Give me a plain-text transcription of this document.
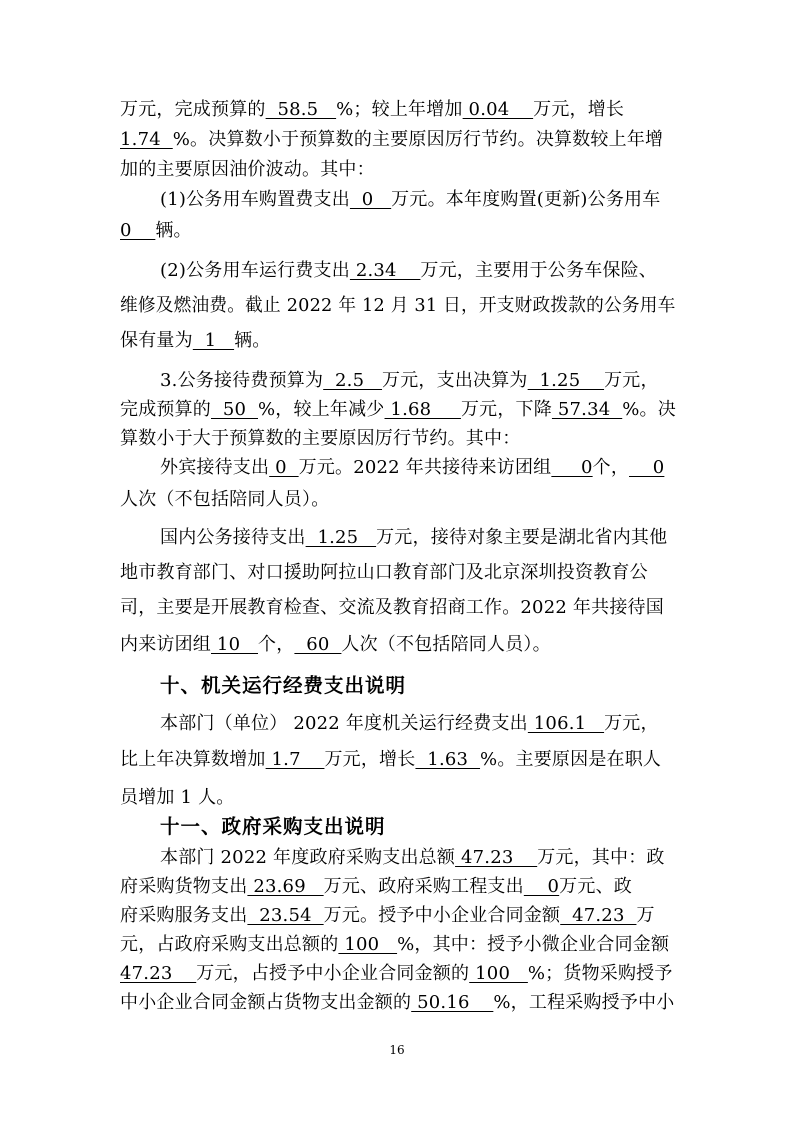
万元，完成预算的  58.5   %；较上年增加 0.04    万元，增长
1.74  %。决算数小于预算数的主要原因厉行节约。决算数较上年增
加的主要原因油价波动。其中：
(1)公务用车购置费支出  0   万元。本年度购置(更新)公务用车
0    辆。
(2)公务用车运行费支出 2.34    万元，主要用于公务车保险、
维修及燃油费。截止 2022 年 12 月 31 日，开支财政拨款的公务用车
保有量为  1   辆。
3.公务接待费预算为  2.5   万元，支出决算为  1.25    万元，
完成预算的  50  %，较上年减少 1.68     万元，下降 57.34  %。决
算数小于大于预算数的主要原因厉行节约。其中：
外宾接待支出 0  万元。2022 年共接待来访团组     0个，    0
人次（不包括陪同人员）。
国内公务接待支出  1.25   万元，接待对象主要是湖北省内其他
地市教育部门、对口援助阿拉山口教育部门及北京深圳投资教育公
司，主要是开展教育检查、交流及教育招商工作。2022 年共接待国
内来访团组 10   个，  60  人次（不包括陪同人员）。
十、机关运行经费支出说明
本部门（单位） 2022 年度机关运行经费支出 106.1   万元，
比上年决算数增加 1.7    万元，增长  1.63  %。主要原因是在职人
员增加 1 人。
十一、政府采购支出说明
本部门 2022 年度政府采购支出总额 47.23    万元，其中：政
府采购货物支出 23.69   万元、政府采购工程支出    0万元、政
府采购服务支出  23.54  万元。授予中小企业合同金额  47.23  万
元，占政府采购支出总额的 100   %，其中：授予小微企业合同金额
47.23    万元，占授予中小企业合同金额的 100   %；货物采购授予
中小企业合同金额占货物支出金额的 50.16    %，工程采购授予中小
16
